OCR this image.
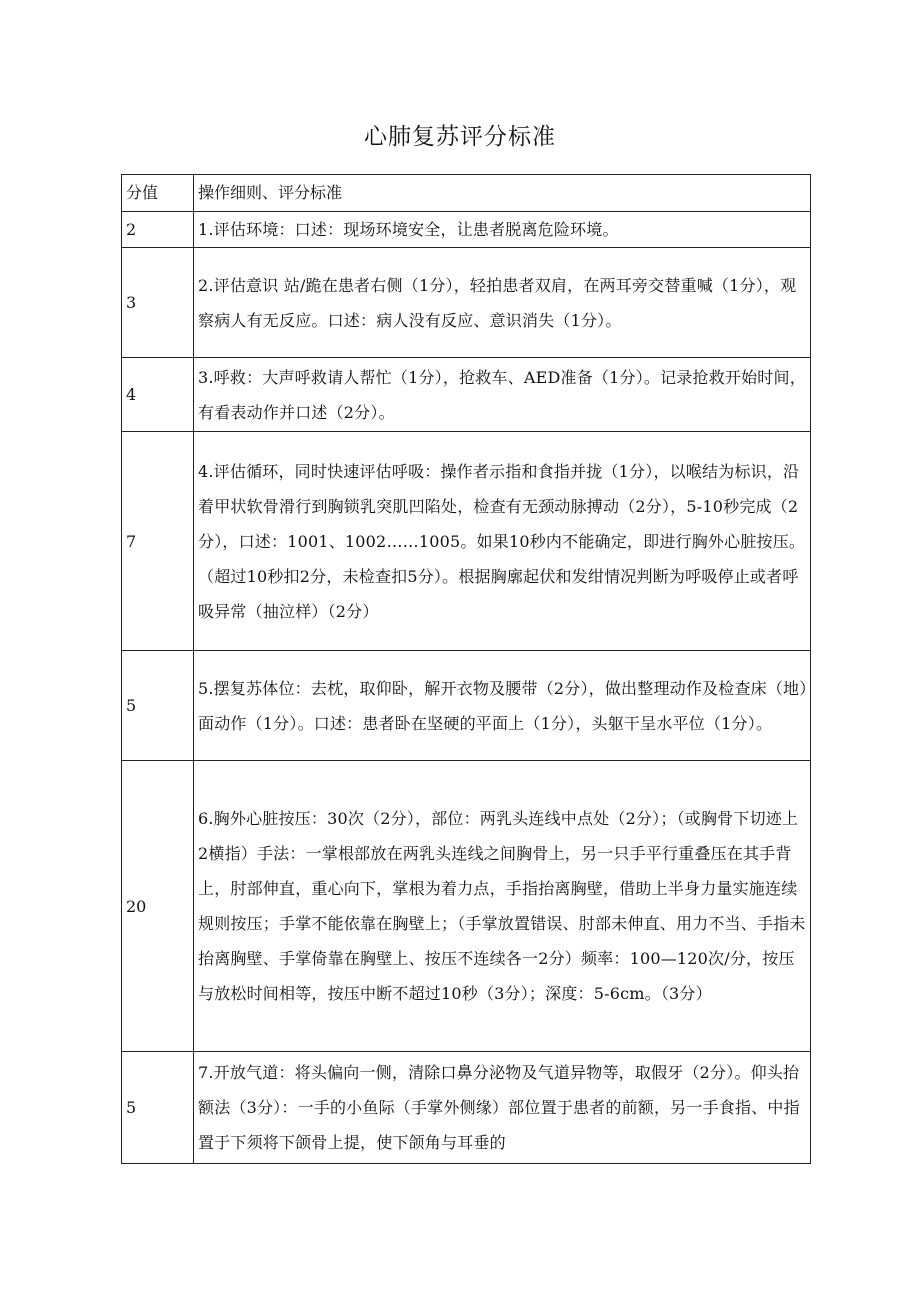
心肺复苏评分标准
分值	操作细则、评分标准
2	1.评估环境：口述：现场环境安全，让患者脱离危险环境。
3	2.评估意识 站/跪在患者右侧（1分），轻拍患者双肩，在两耳旁交替重喊（1分），观察病人有无反应。口述：病人没有反应、意识消失（1分）。
4	3.呼救：大声呼救请人帮忙（1分），抢救车、AED准备（1分）。记录抢救开始时间，有看表动作并口述（2分）。
7	4.评估循环，同时快速评估呼吸：操作者示指和食指并拢（1分），以喉结为标识，沿着甲状软骨滑行到胸锁乳突肌凹陷处，检查有无颈动脉搏动（2分），5-10秒完成（2分），口述：1001、1002……1005。如果10秒内不能确定，即进行胸外心脏按压。（超过10秒扣2分，未检查扣5分）。根据胸廓起伏和发绀情况判断为呼吸停止或者呼吸异常（抽泣样）（2分）
5	5.摆复苏体位：去枕，取仰卧，解开衣物及腰带（2分），做出整理动作及检查床（地）面动作（1分）。口述：患者卧在坚硬的平面上（1分），头躯干呈水平位（1分）。
20	6.胸外心脏按压：30次（2分），部位：两乳头连线中点处（2分）；（或胸骨下切迹上2横指）手法：一掌根部放在两乳头连线之间胸骨上，另一只手平行重叠压在其手背上，肘部伸直，重心向下，掌根为着力点，手指抬离胸壁，借助上半身力量实施连续规则按压；手掌不能依靠在胸壁上；（手掌放置错误、肘部未伸直、用力不当、手指未抬离胸壁、手掌倚靠在胸壁上、按压不连续各一2分）频率：100—120次/分，按压与放松时间相等，按压中断不超过10秒（3分）；深度：5-6cm。（3分）
5	7.开放气道：将头偏向一侧，清除口鼻分泌物及气道异物等，取假牙（2分）。仰头抬额法（3分）：一手的小鱼际（手掌外侧缘）部位置于患者的前额，另一手食指、中指置于下须将下颌骨上提，使下颌角与耳垂的
